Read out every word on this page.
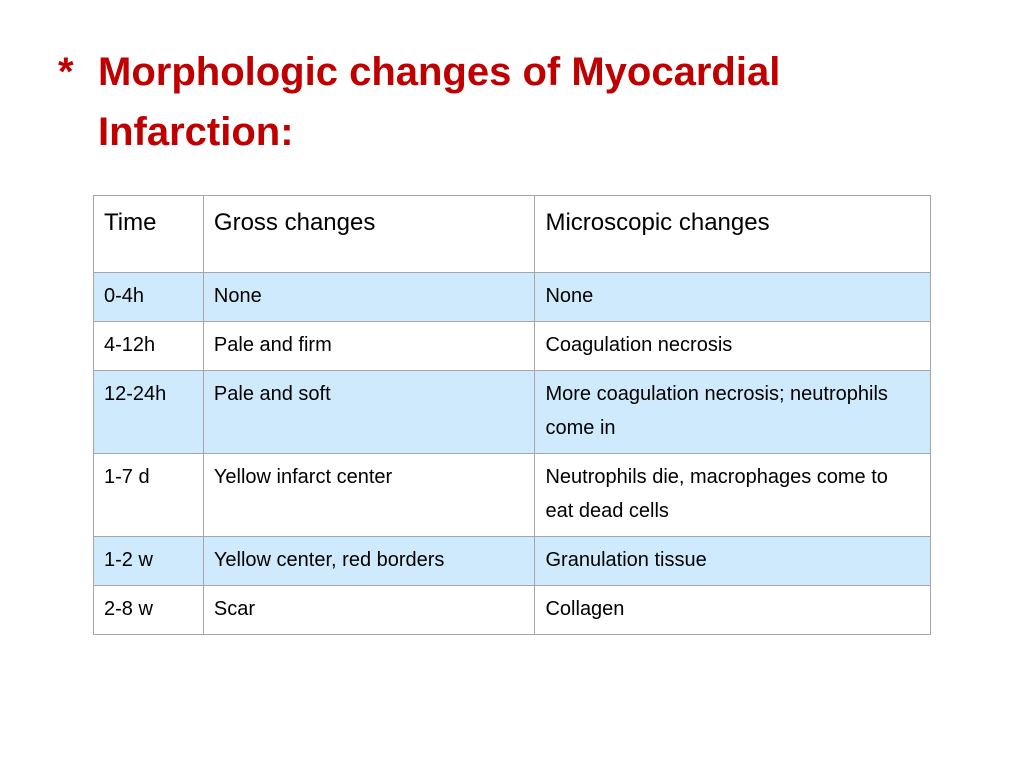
* Morphologic changes of Myocardial Infarction:
Time	Gross changes	Microscopic changes
0-4h	None	None
4-12h	Pale and firm	Coagulation necrosis
12-24h	Pale and soft	More coagulation necrosis; neutrophils come in
1-7 d	Yellow infarct center	Neutrophils die, macrophages come to eat dead cells
1-2 w	Yellow center, red borders	Granulation tissue
2-8 w	Scar	Collagen
